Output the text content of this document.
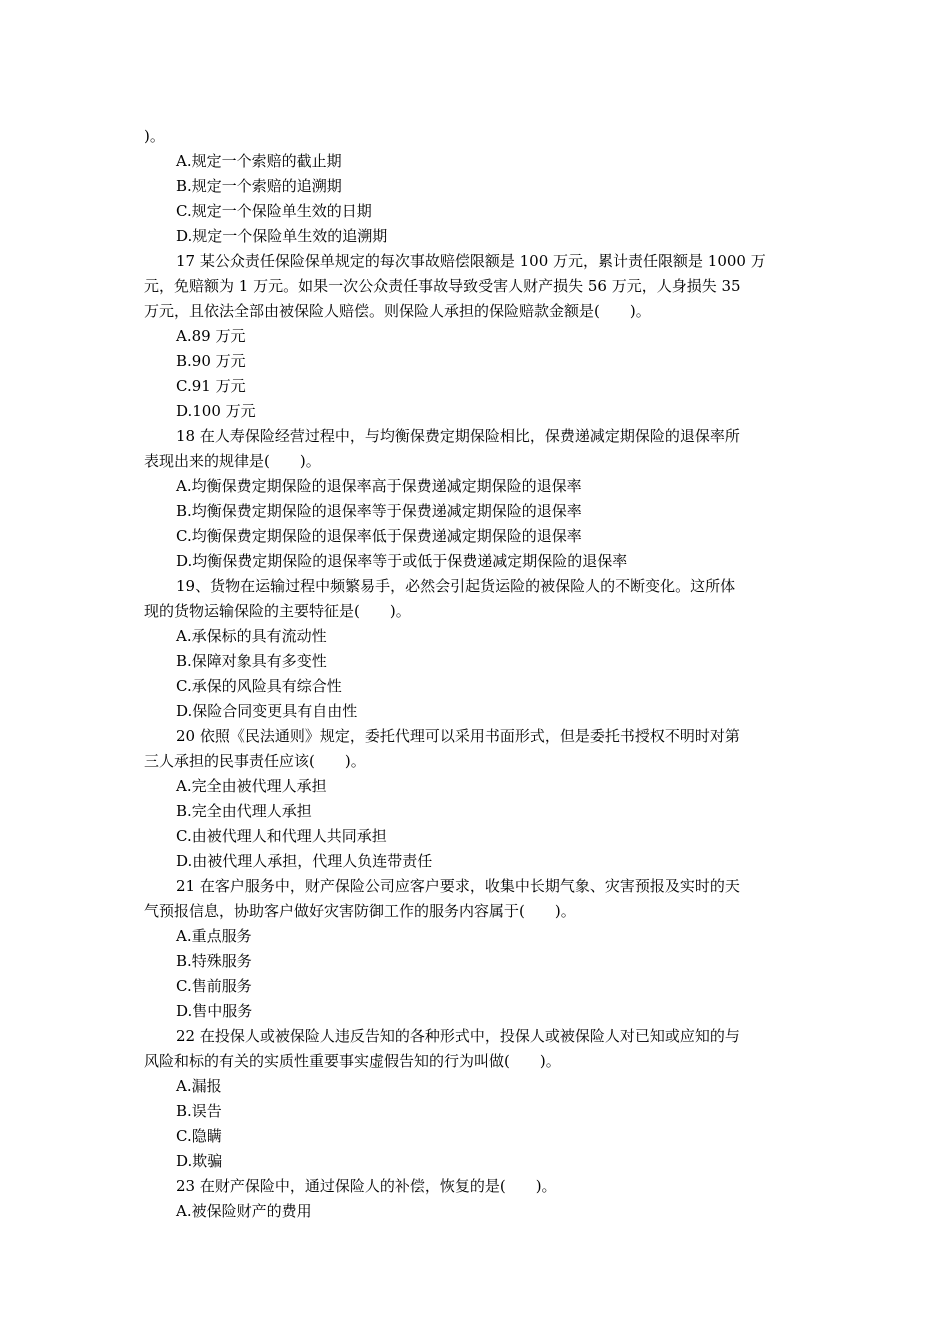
)。
A.规定一个索赔的截止期
B.规定一个索赔的追溯期
C.规定一个保险单生效的日期
D.规定一个保险单生效的追溯期
17 某公众责任保险保单规定的每次事故赔偿限额是 100 万元，累计责任限额是 1000 万
元，免赔额为 1 万元。如果一次公众责任事故导致受害人财产损失 56 万元，人身损失 35
万元，且依法全部由被保险人赔偿。则保险人承担的保险赔款金额是(　　)。
A.89 万元
B.90 万元
C.91 万元
D.100 万元
18 在人寿保险经营过程中，与均衡保费定期保险相比，保费递减定期保险的退保率所
表现出来的规律是(　　)。
A.均衡保费定期保险的退保率高于保费递减定期保险的退保率
B.均衡保费定期保险的退保率等于保费递减定期保险的退保率
C.均衡保费定期保险的退保率低于保费递减定期保险的退保率
D.均衡保费定期保险的退保率等于或低于保费递减定期保险的退保率
19、货物在运输过程中频繁易手，必然会引起货运险的被保险人的不断变化。这所体
现的货物运输保险的主要特征是(　　)。
A.承保标的具有流动性
B.保障对象具有多变性
C.承保的风险具有综合性
D.保险合同变更具有自由性
20 依照《民法通则》规定，委托代理可以采用书面形式，但是委托书授权不明时对第
三人承担的民事责任应该(　　)。
A.完全由被代理人承担
B.完全由代理人承担
C.由被代理人和代理人共同承担
D.由被代理人承担，代理人负连带责任
21 在客户服务中，财产保险公司应客户要求，收集中长期气象、灾害预报及实时的天
气预报信息，协助客户做好灾害防御工作的服务内容属于(　　)。
A.重点服务
B.特殊服务
C.售前服务
D.售中服务
22 在投保人或被保险人违反告知的各种形式中，投保人或被保险人对已知或应知的与
风险和标的有关的实质性重要事实虚假告知的行为叫做(　　)。
A.漏报
B.误告
C.隐瞒
D.欺骗
23 在财产保险中，通过保险人的补偿，恢复的是(　　)。
A.被保险财产的费用
